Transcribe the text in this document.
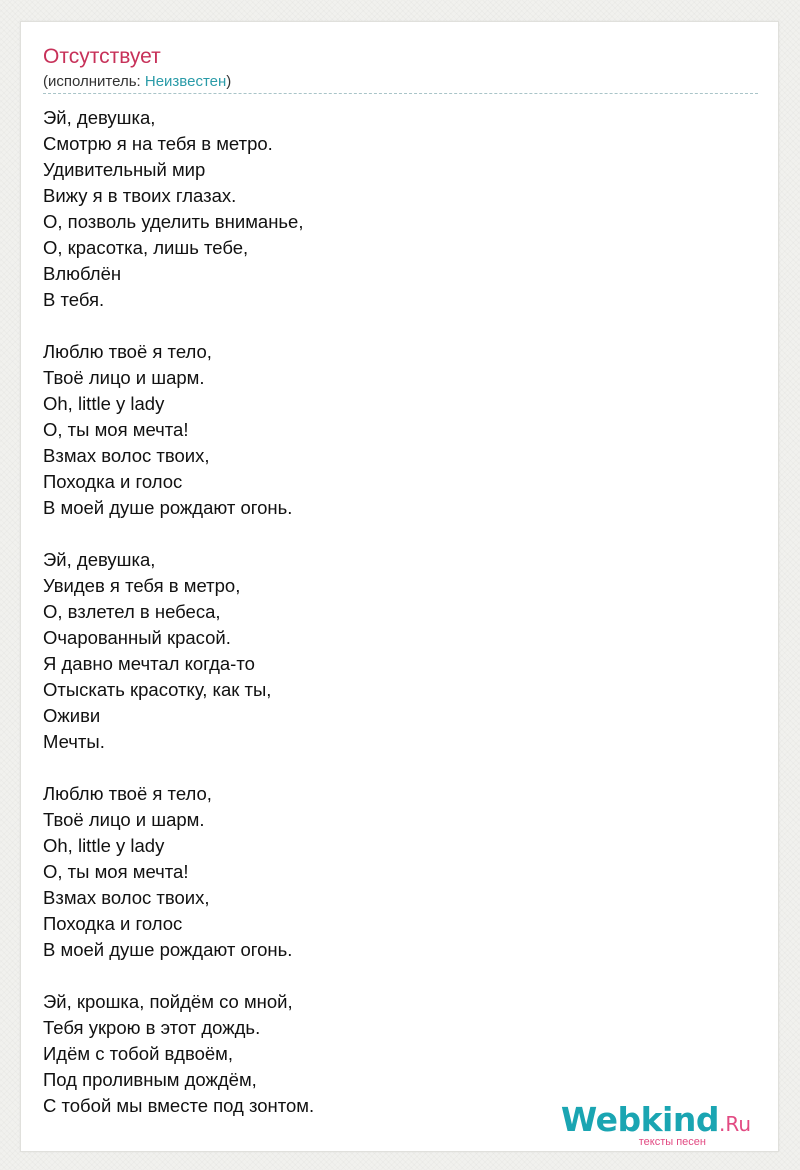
Отсутствует
(исполнитель: Неизвестен)
Эй, девушка,
Смотрю я на тебя в метро.
Удивительный мир
Вижу я в твоих глазах.
О, позволь уделить вниманье,
О, красотка, лишь тебе,
Влюблён
В тебя.
Люблю твоё я тело,
Твоё лицо и шарм.
Oh, little y lady
О, ты моя мечта!
Взмах волос твоих,
Походка и голос
В моей душе рождают огонь.
Эй, девушка,
Увидев я тебя в метро,
О, взлетел в небеса,
Очарованный красой.
Я давно мечтал когда-то
Отыскать красотку, как ты,
Оживи
Мечты.
Люблю твоё я тело,
Твоё лицо и шарм.
Oh, little y lady
О, ты моя мечта!
Взмах волос твоих,
Походка и голос
В моей душе рождают огонь.
Эй, крошка, пойдём со мной,
Тебя укрою в этот дождь.
Идём с тобой вдвоём,
Под проливным дождём,
С тобой мы вместе под зонтом.	Webkind.Ru
тексты песен
